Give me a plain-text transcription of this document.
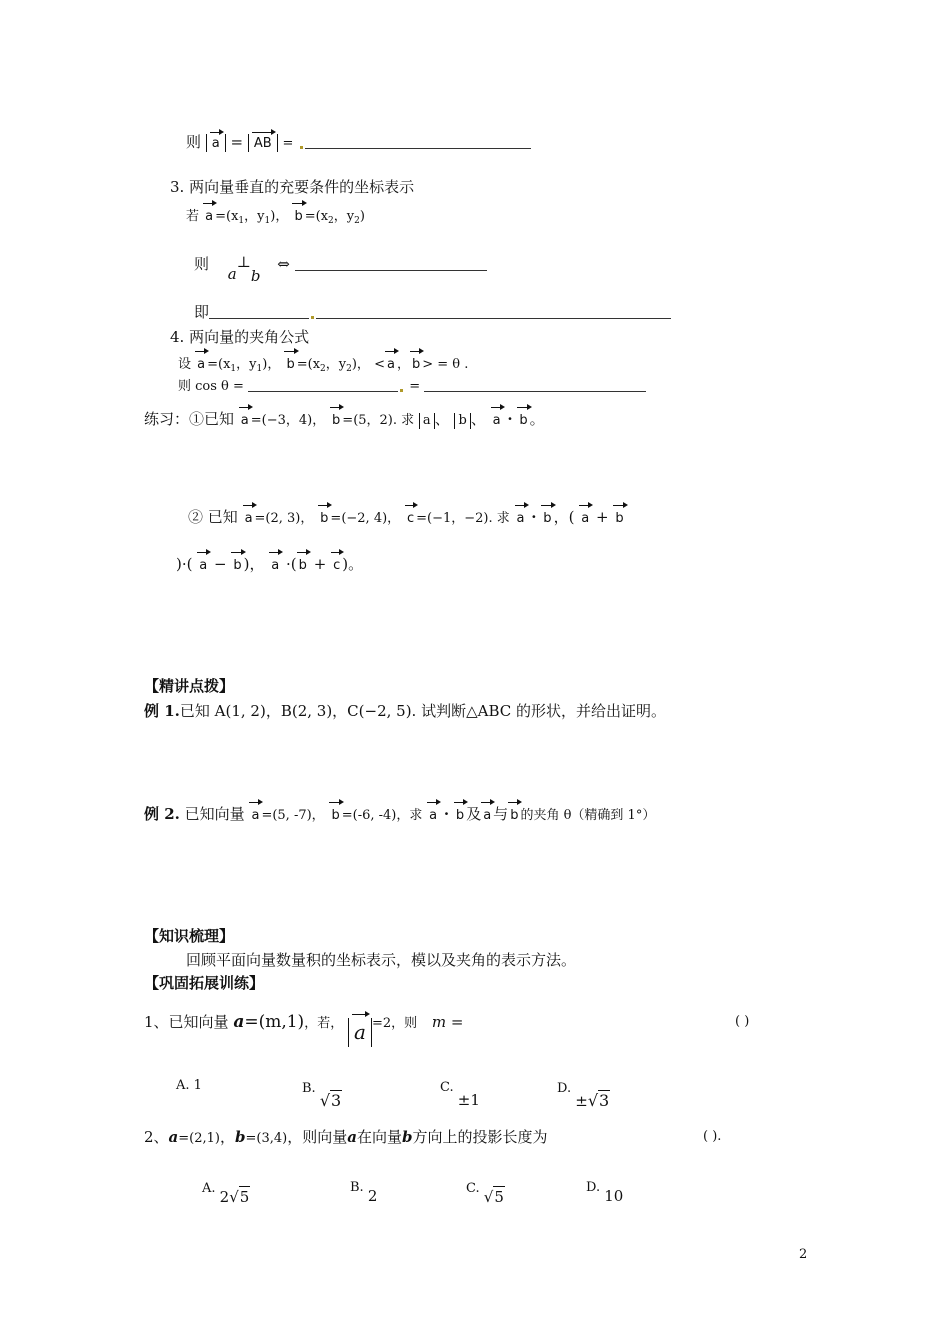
则 a = AB =
3. 两向量垂直的充要条件的坐标表示
若 $a =(x_1$，$y_1$)， $b =(x_2$，$y_2$)
则 a⊥b ⇔
即
4. 两向量的夹角公式
设 $a =(x_1$，$y_1$)， $b =(x_2$，$y_2$)， < a ， b > = θ .
则 cos θ =	=
练习：①已知 a =(−3，4)， b =(5，2). 求 a 、 b 、 a · b 。
② 已知 a =(2, 3)， b =(−2, 4)， c =(−1，−2). 求 a · b ，( a + b
)·( a − b )， a ·( b + c )。
【精讲点拨】
例 1.已知 A(1, 2)，B(2, 3)，C(−2, 5). 试判断△ABC 的形状，并给出证明。
例 2. 已知向量 a =(5, -7)， b =(-6, -4)，求 a · b 及 a 与 b 的夹角 θ（精确到 1°）
【知识梳理】
回顾平面向量数量积的坐标表示，模以及夹角的表示方法。
【巩固拓展训练】
1、已知向量 a=(m,1)，若， a =2，则 m =	( )
A. 1	B. √3
C. ±1
D. ±√3
2、a=(2,1)，b=(3,4)，则向量a在向量b方向上的投影长度为	( ).
A. 2√5
B. 2	C. √5
D. 10
2
